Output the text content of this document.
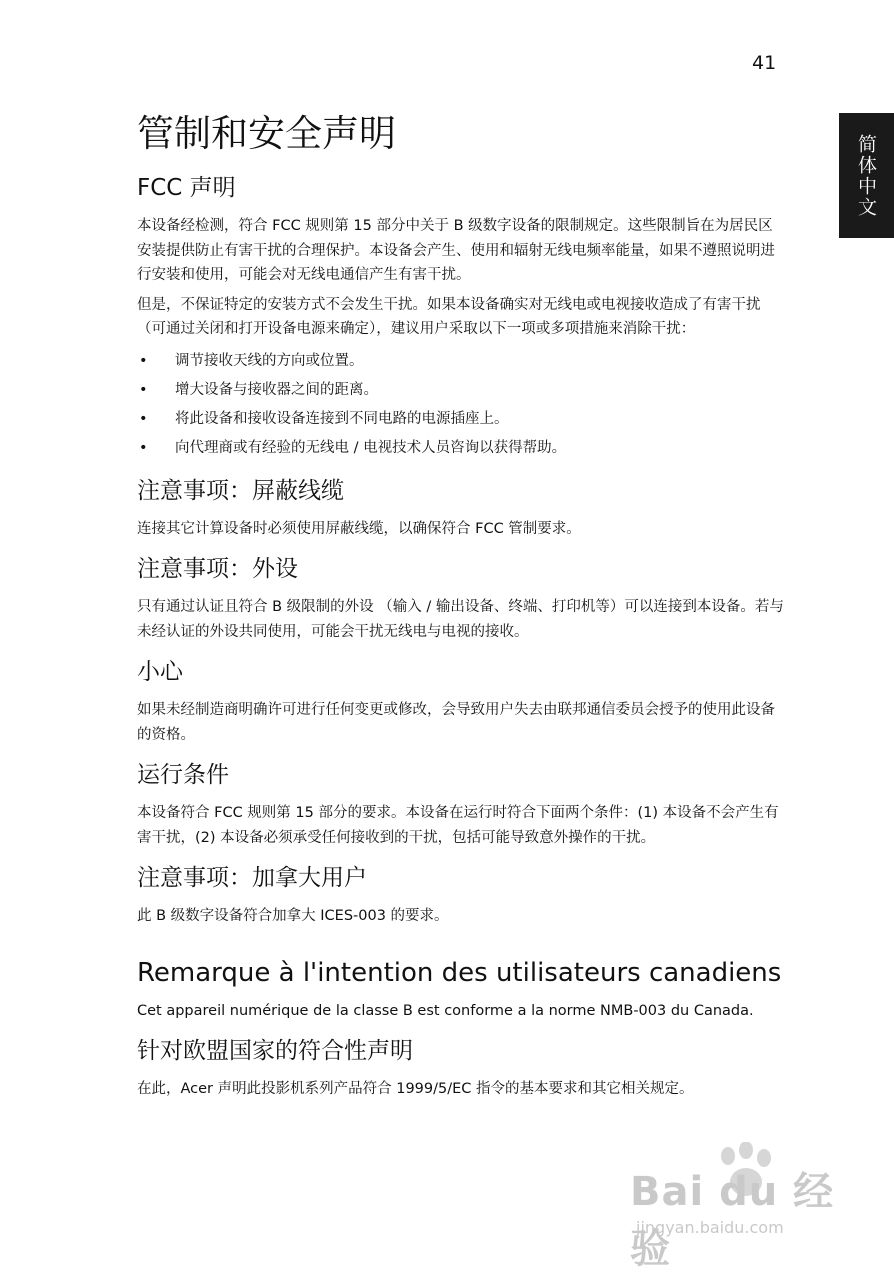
41
简体中文
管制和安全声明
FCC 声明

本设备经检测，符合 FCC 规则第 15 部分中关于 B 级数字设备的限制规定。这些限制旨在为居民区安装提供防止有害干扰的合理保护。本设备会产生、使用和辐射无线电频率能量，如果不遵照说明进行安装和使用，可能会对无线电通信产生有害干扰。

但是，不保证特定的安装方式不会发生干扰。如果本设备确实对无线电或电视接收造成了有害干扰 （可通过关闭和打开设备电源来确定），建议用户采取以下一项或多项措施来消除干扰：

• 调节接收天线的方向或位置。
• 增大设备与接收器之间的距离。
• 将此设备和接收设备连接到不同电路的电源插座上。
• 向代理商或有经验的无线电 / 电视技术人员咨询以获得帮助。
注意事项：屏蔽线缆

连接其它计算设备时必须使用屏蔽线缆，以确保符合 FCC 管制要求。

注意事项：外设

只有通过认证且符合 B 级限制的外设 （输入 / 输出设备、终端、打印机等）可以连接到本设备。若与未经认证的外设共同使用，可能会干扰无线电与电视的接收。

小心

如果未经制造商明确许可进行任何变更或修改，会导致用户失去由联邦通信委员会授予的使用此设备的资格。

运行条件

本设备符合 FCC 规则第 15 部分的要求。本设备在运行时符合下面两个条件：(1) 本设备不会产生有害干扰，(2) 本设备必须承受任何接收到的干扰，包括可能导致意外操作的干扰。

注意事项：加拿大用户

此 B 级数字设备符合加拿大 ICES-003 的要求。

Remarque à l'intention des utilisateurs canadiens

Cet appareil numérique de la classe B est conforme a la norme NMB-003 du Canada.

针对欧盟国家的符合性声明

在此，Acer 声明此投影机系列产品符合 1999/5/EC 指令的基本要求和其它相关规定。

Bai du 经验
jingyan.baidu.com
